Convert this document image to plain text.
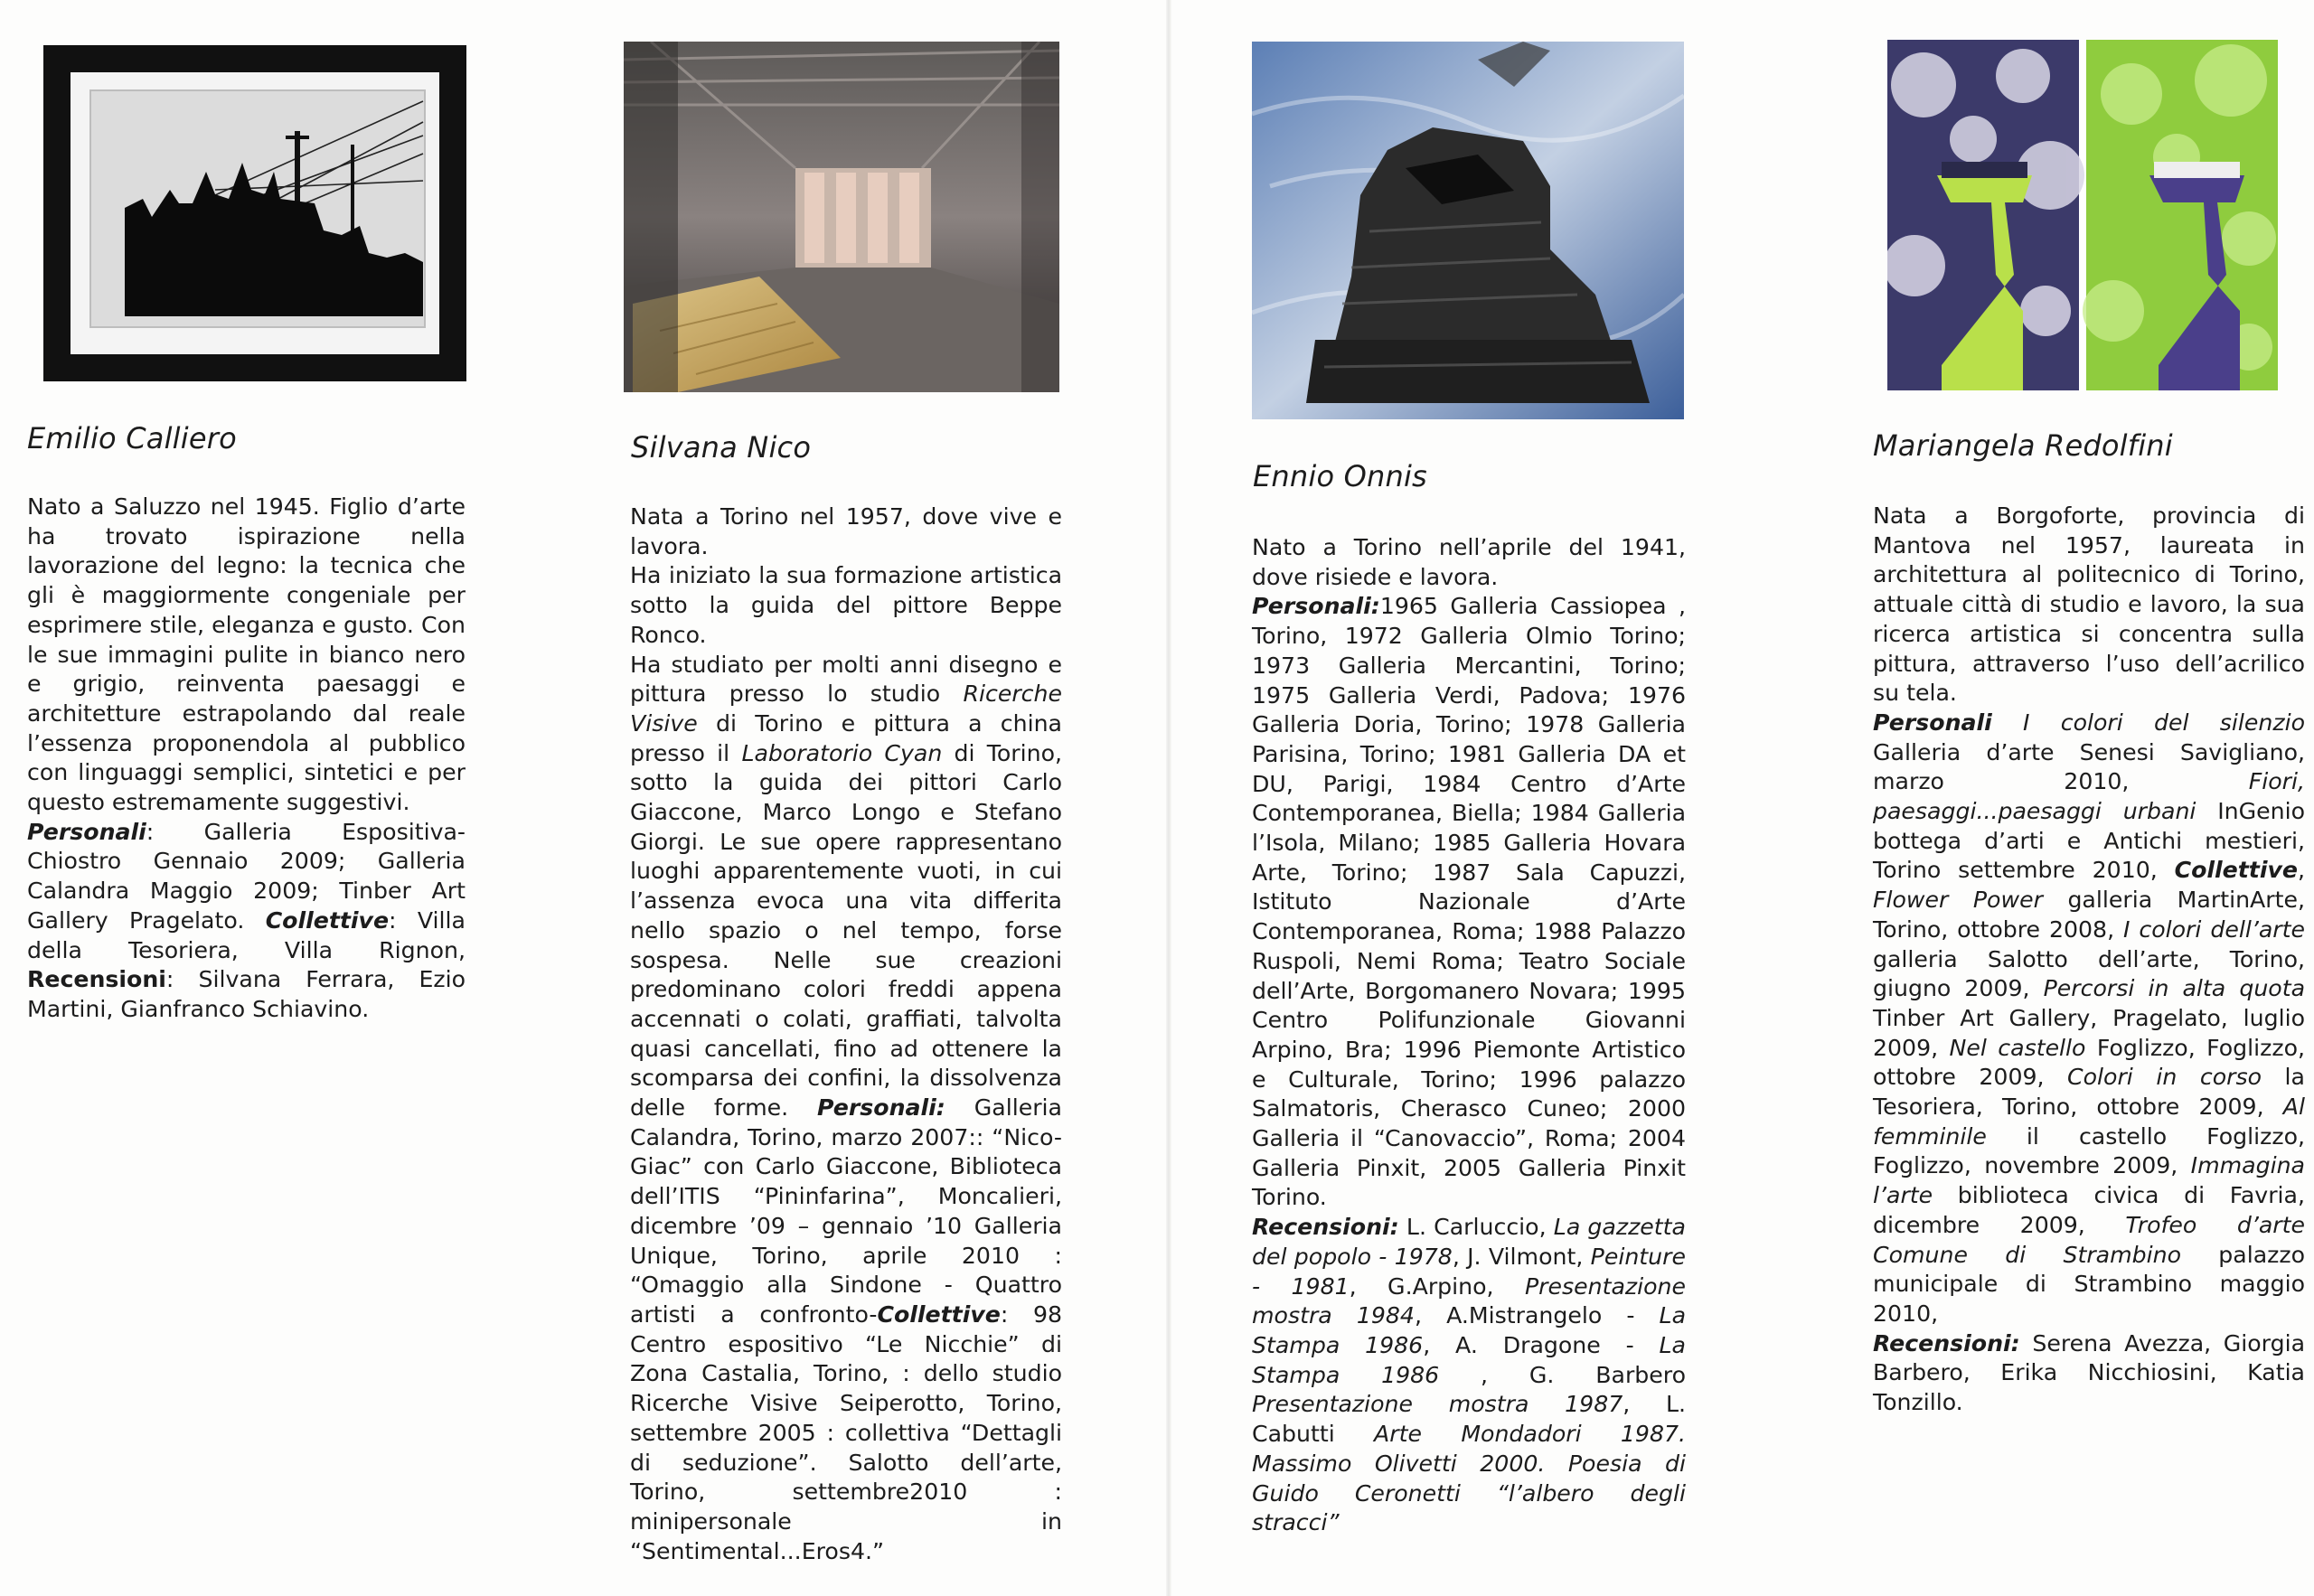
Emilio Calliero

Nato a Saluzzo nel 1945. Figlio d’arte ha trovato ispirazione nella lavorazione del legno: la tecnica che gli è maggiormente congeniale per esprimere stile, eleganza e gusto. Con le sue immagini pulite in bianco nero e grigio, reinventa paesaggi e architetture estrapolando dal reale l’essenza proponendola al pubblico con linguaggi semplici, sintetici e per questo estremamente suggestivi.

Personali: Galleria Espositiva-Chiostro Gennaio 2009; Galleria Calandra Maggio 2009; Tinber Art Gallery Pragelato. Collettive: Villa della Tesoriera, Villa Rignon, Recensioni: Silvana Ferrara, Ezio Martini, Gianfranco Schiavino.

Silvana Nico

Nata a Torino nel 1957, dove vive e lavora.

Ha iniziato la sua formazione artistica sotto la guida del pittore Beppe Ronco.

Ha studiato per molti anni disegno e pittura presso lo studio Ricerche Visive di Torino e pittura a china presso il Laboratorio Cyan di Torino, sotto la guida dei pittori Carlo Giaccone, Marco Longo e Stefano Giorgi. Le sue opere rappresentano luoghi apparentemente vuoti, in cui l’assenza evoca una vita differita nello spazio o nel tempo, forse sospesa. Nelle sue creazioni predominano colori freddi appena accennati o colati, graffiati, talvolta quasi cancellati, fino ad ottenere la scomparsa dei confini, la dissolvenza delle forme. Personali: Galleria Calandra, Torino, marzo 2007:: “Nico-Giac” con Carlo Giaccone, Biblioteca dell’ITIS “Pininfarina”, Moncalieri, dicembre ’09 – gennaio ’10 Galleria Unique, Torino, aprile 2010 : “Omaggio alla Sindone - Quattro artisti a confronto-Collettive: 98 Centro espositivo “Le Nicchie” di Zona Castalia, Torino, : dello studio Ricerche Visive Seiperotto, Torino, settembre 2005 : collettiva “Dettagli di seduzione”. Salotto dell’arte, Torino, settembre2010 : minipersonale in “Sentimental...Eros4.”

Ennio Onnis

Nato a Torino nell’aprile del 1941, dove risiede e lavora.

Personali:1965 Galleria Cassiopea , Torino, 1972 Galleria Olmio Torino; 1973 Galleria Mercantini, Torino; 1975 Galleria Verdi, Padova; 1976 Galleria Doria, Torino; 1978 Galleria Parisina, Torino; 1981 Galleria DA et DU, Parigi, 1984 Centro d’Arte Contemporanea, Biella; 1984 Galleria l’Isola, Milano; 1985 Galleria Hovara Arte, Torino; 1987 Sala Capuzzi, Istituto Nazionale d’Arte Contemporanea, Roma; 1988 Palazzo Ruspoli, Nemi Roma; Teatro Sociale dell’Arte, Borgomanero Novara; 1995 Centro Polifunzionale Giovanni Arpino, Bra; 1996 Piemonte Artistico e Culturale, Torino; 1996 palazzo Salmatoris, Cherasco Cuneo; 2000 Galleria il “Canovaccio”, Roma; 2004 Galleria Pinxit, 2005 Galleria Pinxit Torino.

Recensioni: L. Carluccio, La gazzetta del popolo - 1978, J. Vilmont, Peinture - 1981, G.Arpino, Presentazione mostra 1984, A.Mistrangelo - La Stampa 1986, A. Dragone - La Stampa 1986 , G. Barbero Presentazione mostra 1987, L. Cabutti Arte Mondadori 1987. Massimo Olivetti 2000. Poesia di Guido Ceronetti “l’albero degli stracci”

Mariangela Redolfini

Nata a Borgoforte, provincia di Mantova nel 1957, laureata in architettura al politecnico di Torino, attuale città di studio e lavoro, la sua ricerca artistica si concentra sulla pittura, attraverso l’uso dell’acrilico su tela.

Personali I colori del silenzio Galleria d’arte Senesi Savigliano, marzo 2010, Fiori, paesaggi...paesaggi urbani InGenio bottega d’arti e Antichi mestieri, Torino settembre 2010, Collettive, Flower Power galleria MartinArte, Torino, ottobre 2008, I colori dell’arte galleria Salotto dell’arte, Torino, giugno 2009, Percorsi in alta quota Tinber Art Gallery, Pragelato, luglio 2009, Nel castello Foglizzo, Foglizzo, ottobre 2009, Colori in corso la Tesoriera, Torino, ottobre 2009, Al femminile il castello Foglizzo, Foglizzo, novembre 2009, Immagina l’arte biblioteca civica di Favria, dicembre 2009, Trofeo d’arte Comune di Strambino palazzo municipale di Strambino maggio 2010,

Recensioni: Serena Avezza, Giorgia Barbero, Erika Nicchiosini, Katia Tonzillo.
